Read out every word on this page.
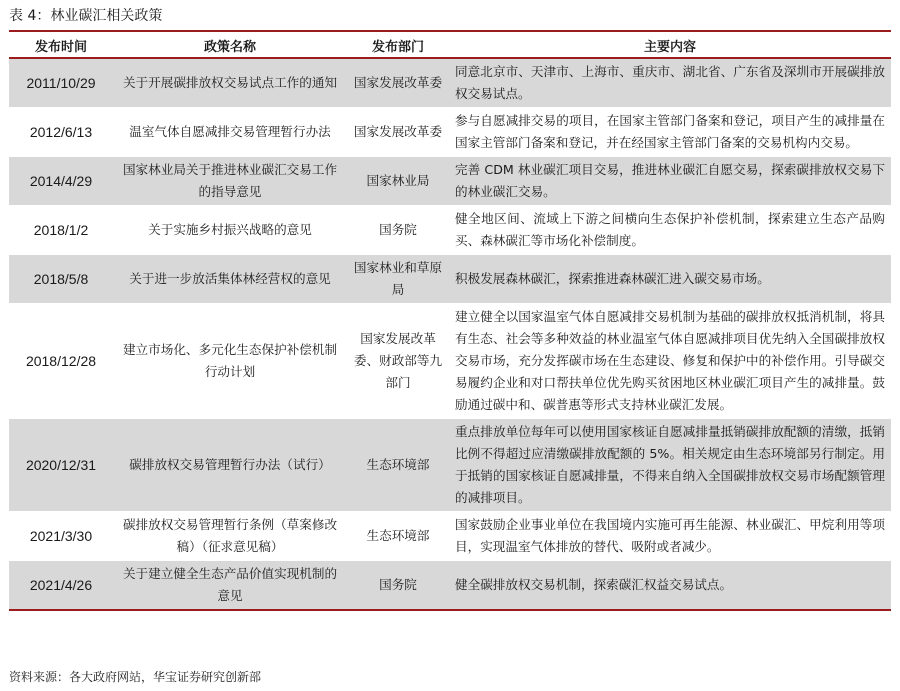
表 4：林业碳汇相关政策
发布时间	政策名称	发布部门	主要内容
2011/10/29	关于开展碳排放权交易试点工作的通知	国家发展改革委	同意北京市、天津市、上海市、重庆市、湖北省、广东省及深圳市开展碳排放权交易试点。
2012/6/13	温室气体自愿减排交易管理暂行办法	国家发展改革委	参与自愿减排交易的项目，在国家主管部门备案和登记，项目产生的减排量在国家主管部门备案和登记，并在经国家主管部门备案的交易机构内交易。
2014/4/29	国家林业局关于推进林业碳汇交易工作的指导意见	国家林业局	完善 CDM 林业碳汇项目交易，推进林业碳汇自愿交易，探索碳排放权交易下的林业碳汇交易。
2018/1/2	关于实施乡村振兴战略的意见	国务院	健全地区间、流域上下游之间横向生态保护补偿机制，探索建立生态产品购买、森林碳汇等市场化补偿制度。
2018/5/8	关于进一步放活集体林经营权的意见	国家林业和草原局	积极发展森林碳汇，探索推进森林碳汇进入碳交易市场。
2018/12/28	建立市场化、多元化生态保护补偿机制行动计划	国家发展改革委、财政部等九部门	建立健全以国家温室气体自愿减排交易机制为基础的碳排放权抵消机制，将具有生态、社会等多种效益的林业温室气体自愿减排项目优先纳入全国碳排放权交易市场，充分发挥碳市场在生态建设、修复和保护中的补偿作用。引导碳交易履约企业和对口帮扶单位优先购买贫困地区林业碳汇项目产生的减排量。鼓励通过碳中和、碳普惠等形式支持林业碳汇发展。
2020/12/31	碳排放权交易管理暂行办法（试行）	生态环境部	重点排放单位每年可以使用国家核证自愿减排量抵销碳排放配额的清缴，抵销比例不得超过应清缴碳排放配额的 5%。相关规定由生态环境部另行制定。用于抵销的国家核证自愿减排量，不得来自纳入全国碳排放权交易市场配额管理的减排项目。
2021/3/30	碳排放权交易管理暂行条例（草案修改稿）（征求意见稿）	生态环境部	国家鼓励企业事业单位在我国境内实施可再生能源、林业碳汇、甲烷利用等项目，实现温室气体排放的替代、吸附或者减少。
2021/4/26	关于建立健全生态产品价值实现机制的意见	国务院	健全碳排放权交易机制，探索碳汇权益交易试点。
资料来源：各大政府网站，华宝证券研究创新部
